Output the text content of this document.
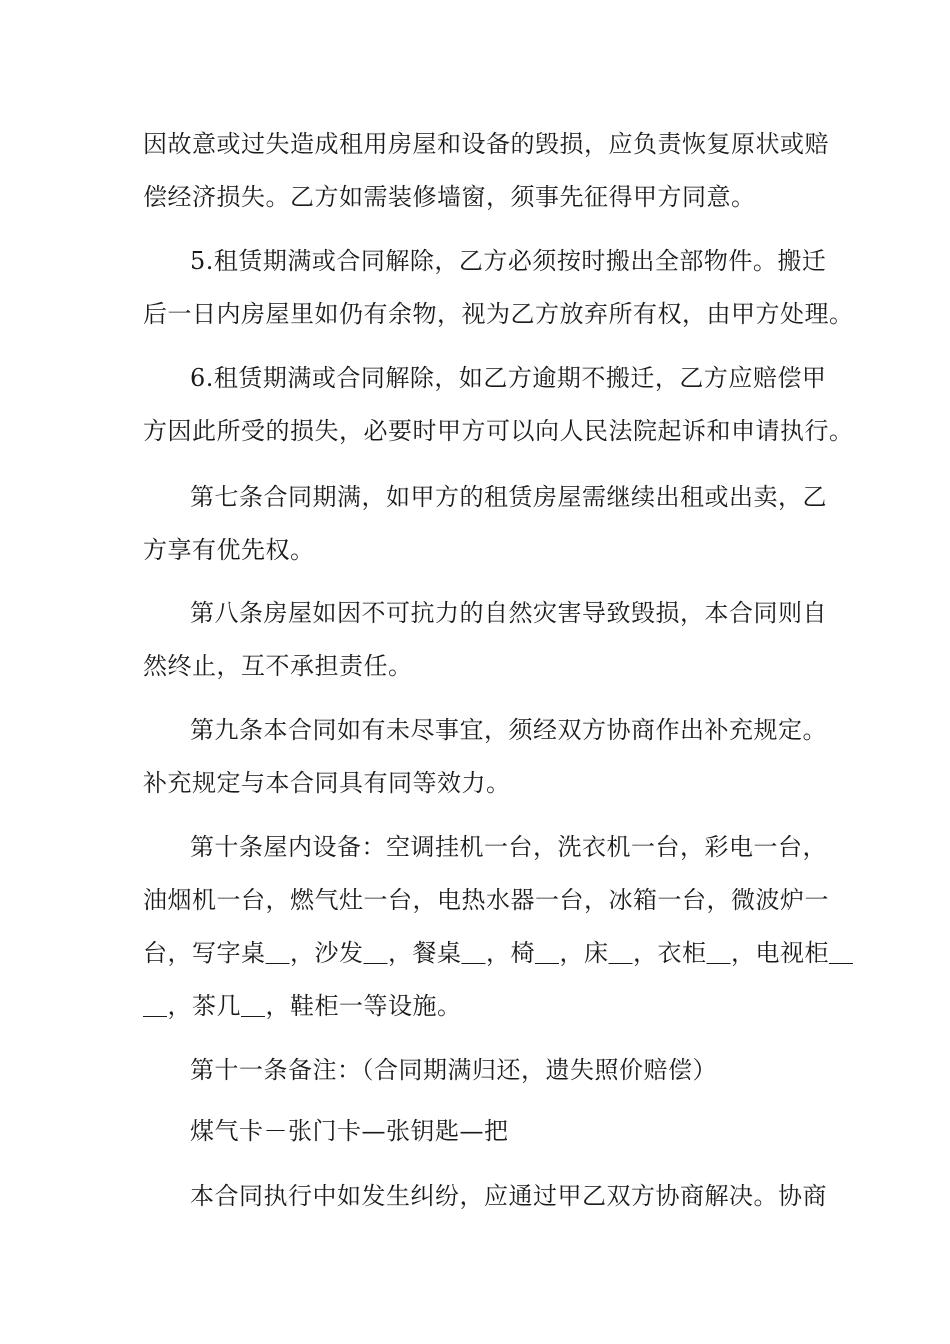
因故意或过失造成租用房屋和设备的毁损，应负责恢复原状或赔
偿经济损失。乙方如需装修墙窗，须事先征得甲方同意。
5.租赁期满或合同解除，乙方必须按时搬出全部物件。搬迁
后一日内房屋里如仍有余物，视为乙方放弃所有权，由甲方处理。
6.租赁期满或合同解除，如乙方逾期不搬迁，乙方应赔偿甲
方因此所受的损失，必要时甲方可以向人民法院起诉和申请执行。
第七条合同期满，如甲方的租赁房屋需继续出租或出卖，乙
方享有优先权。
第八条房屋如因不可抗力的自然灾害导致毁损，本合同则自
然终止，互不承担责任。
第九条本合同如有未尽事宜，须经双方协商作出补充规定。
补充规定与本合同具有同等效力。
第十条屋内设备：空调挂机一台，洗衣机一台，彩电一台，
油烟机一台，燃气灶一台，电热水器一台，冰箱一台，微波炉一
台，写字桌＿，沙发＿，餐桌＿，椅＿，床＿，衣柜＿，电视柜＿
＿，茶几＿，鞋柜一等设施。
第十一条备注：（合同期满归还，遗失照价赔偿）
煤气卡－张门卡—张钥匙—把
本合同执行中如发生纠纷，应通过甲乙双方协商解决。协商
